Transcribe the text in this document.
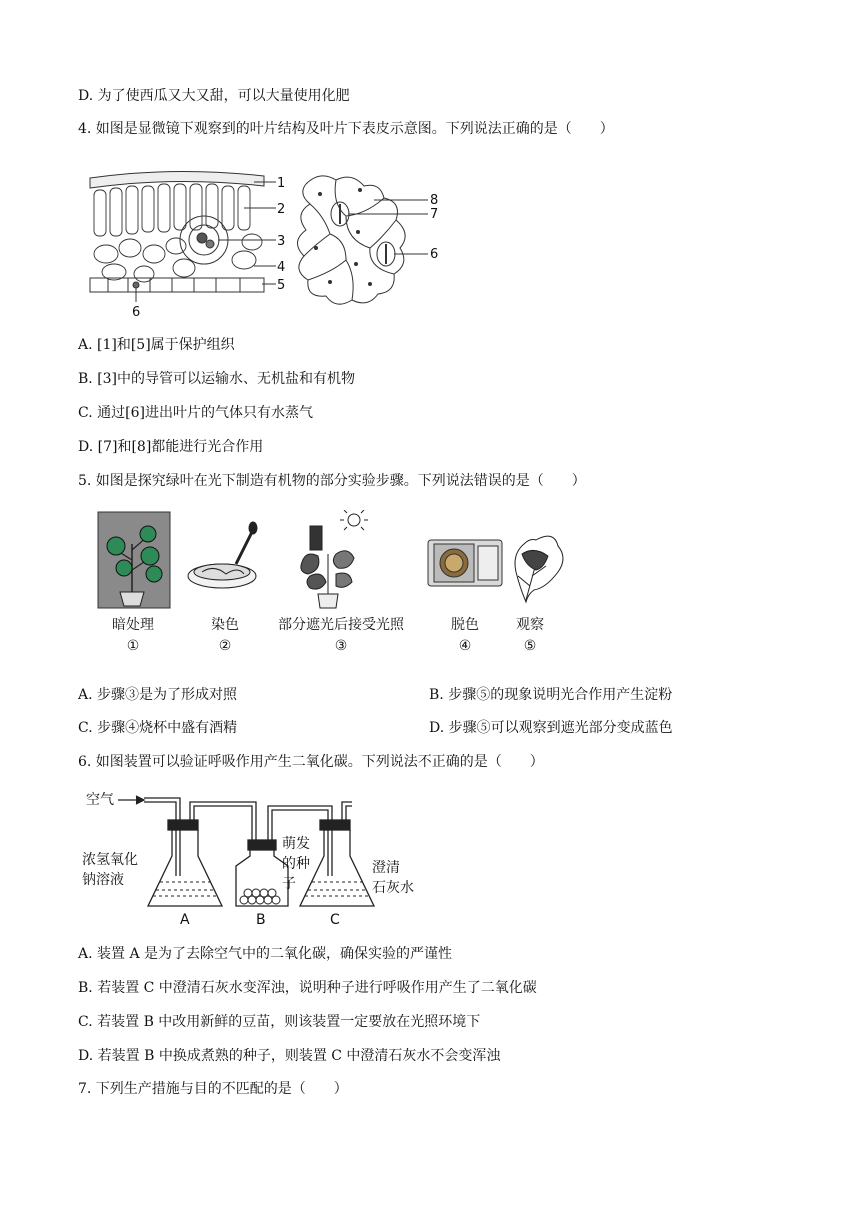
D. 为了使西瓜又大又甜，可以大量使用化肥
4. 如图是显微镜下观察到的叶片结构及叶片下表皮示意图。下列说法正确的是（　　）
1
2
3
4
5
6
8
7
6
A. [1]和[5]属于保护组织
B. [3]中的导管可以运输水、无机盐和有机物
C. 通过[6]进出叶片的气体只有水蒸气
D. [7]和[8]都能进行光合作用
5. 如图是探究绿叶在光下制造有机物的部分实验步骤。下列说法错误的是（　　）
暗处理	染色	部分遮光后接受光照	脱色	观察
①	②	③	④	⑤
A. 步骤③是为了形成对照	B. 步骤⑤的现象说明光合作用产生淀粉
C. 步骤④烧杯中盛有酒精	D. 步骤⑤可以观察到遮光部分变成蓝色
6. 如图装置可以验证呼吸作用产生二氧化碳。下列说法不正确的是（　　）
空气
浓氢氧化
钠溶液
萌发
的种
子
澄清
石灰水
A	B	C
A. 装置 A 是为了去除空气中的二氧化碳，确保实验的严谨性
B. 若装置 C 中澄清石灰水变浑浊，说明种子进行呼吸作用产生了二氧化碳
C. 若装置 B 中改用新鲜的豆苗，则该装置一定要放在光照环境下
D. 若装置 B 中换成煮熟的种子，则装置 C 中澄清石灰水不会变浑浊
7. 下列生产措施与目的不匹配的是（　　）
